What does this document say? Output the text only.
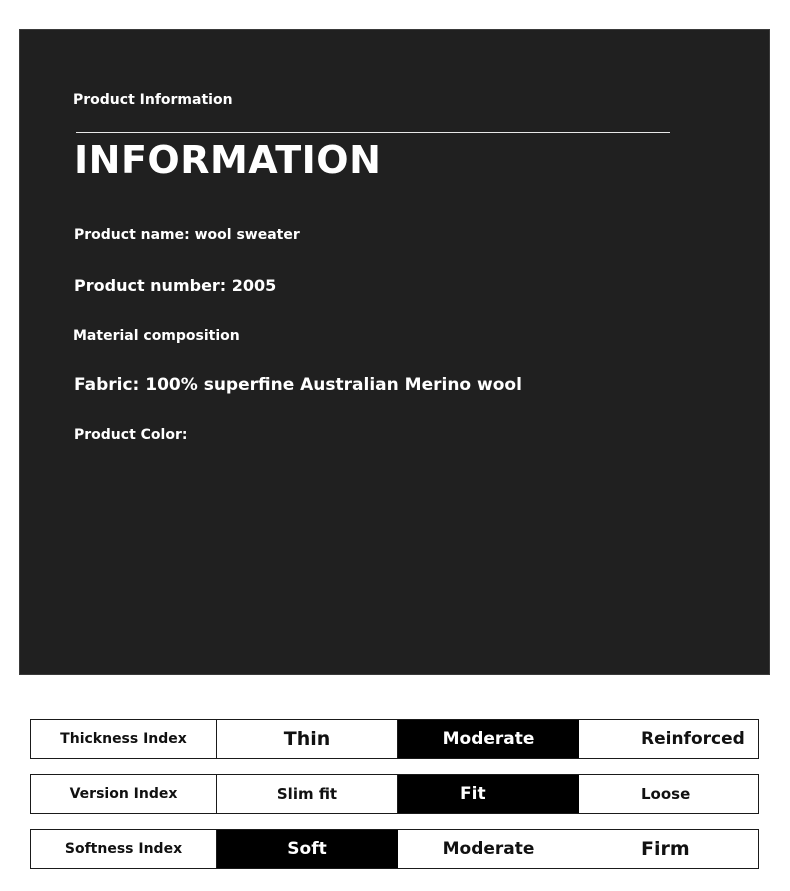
Product Information
INFORMATION
Product name: wool sweater
Product number: 2005
Material composition
Fabric: 100% superfine Australian Merino wool
Product Color:
Thickness Index	Thin	Moderate	Reinforced
Version Index	Slim fit	Fit	Loose
Softness Index	Soft	Moderate	Firm
